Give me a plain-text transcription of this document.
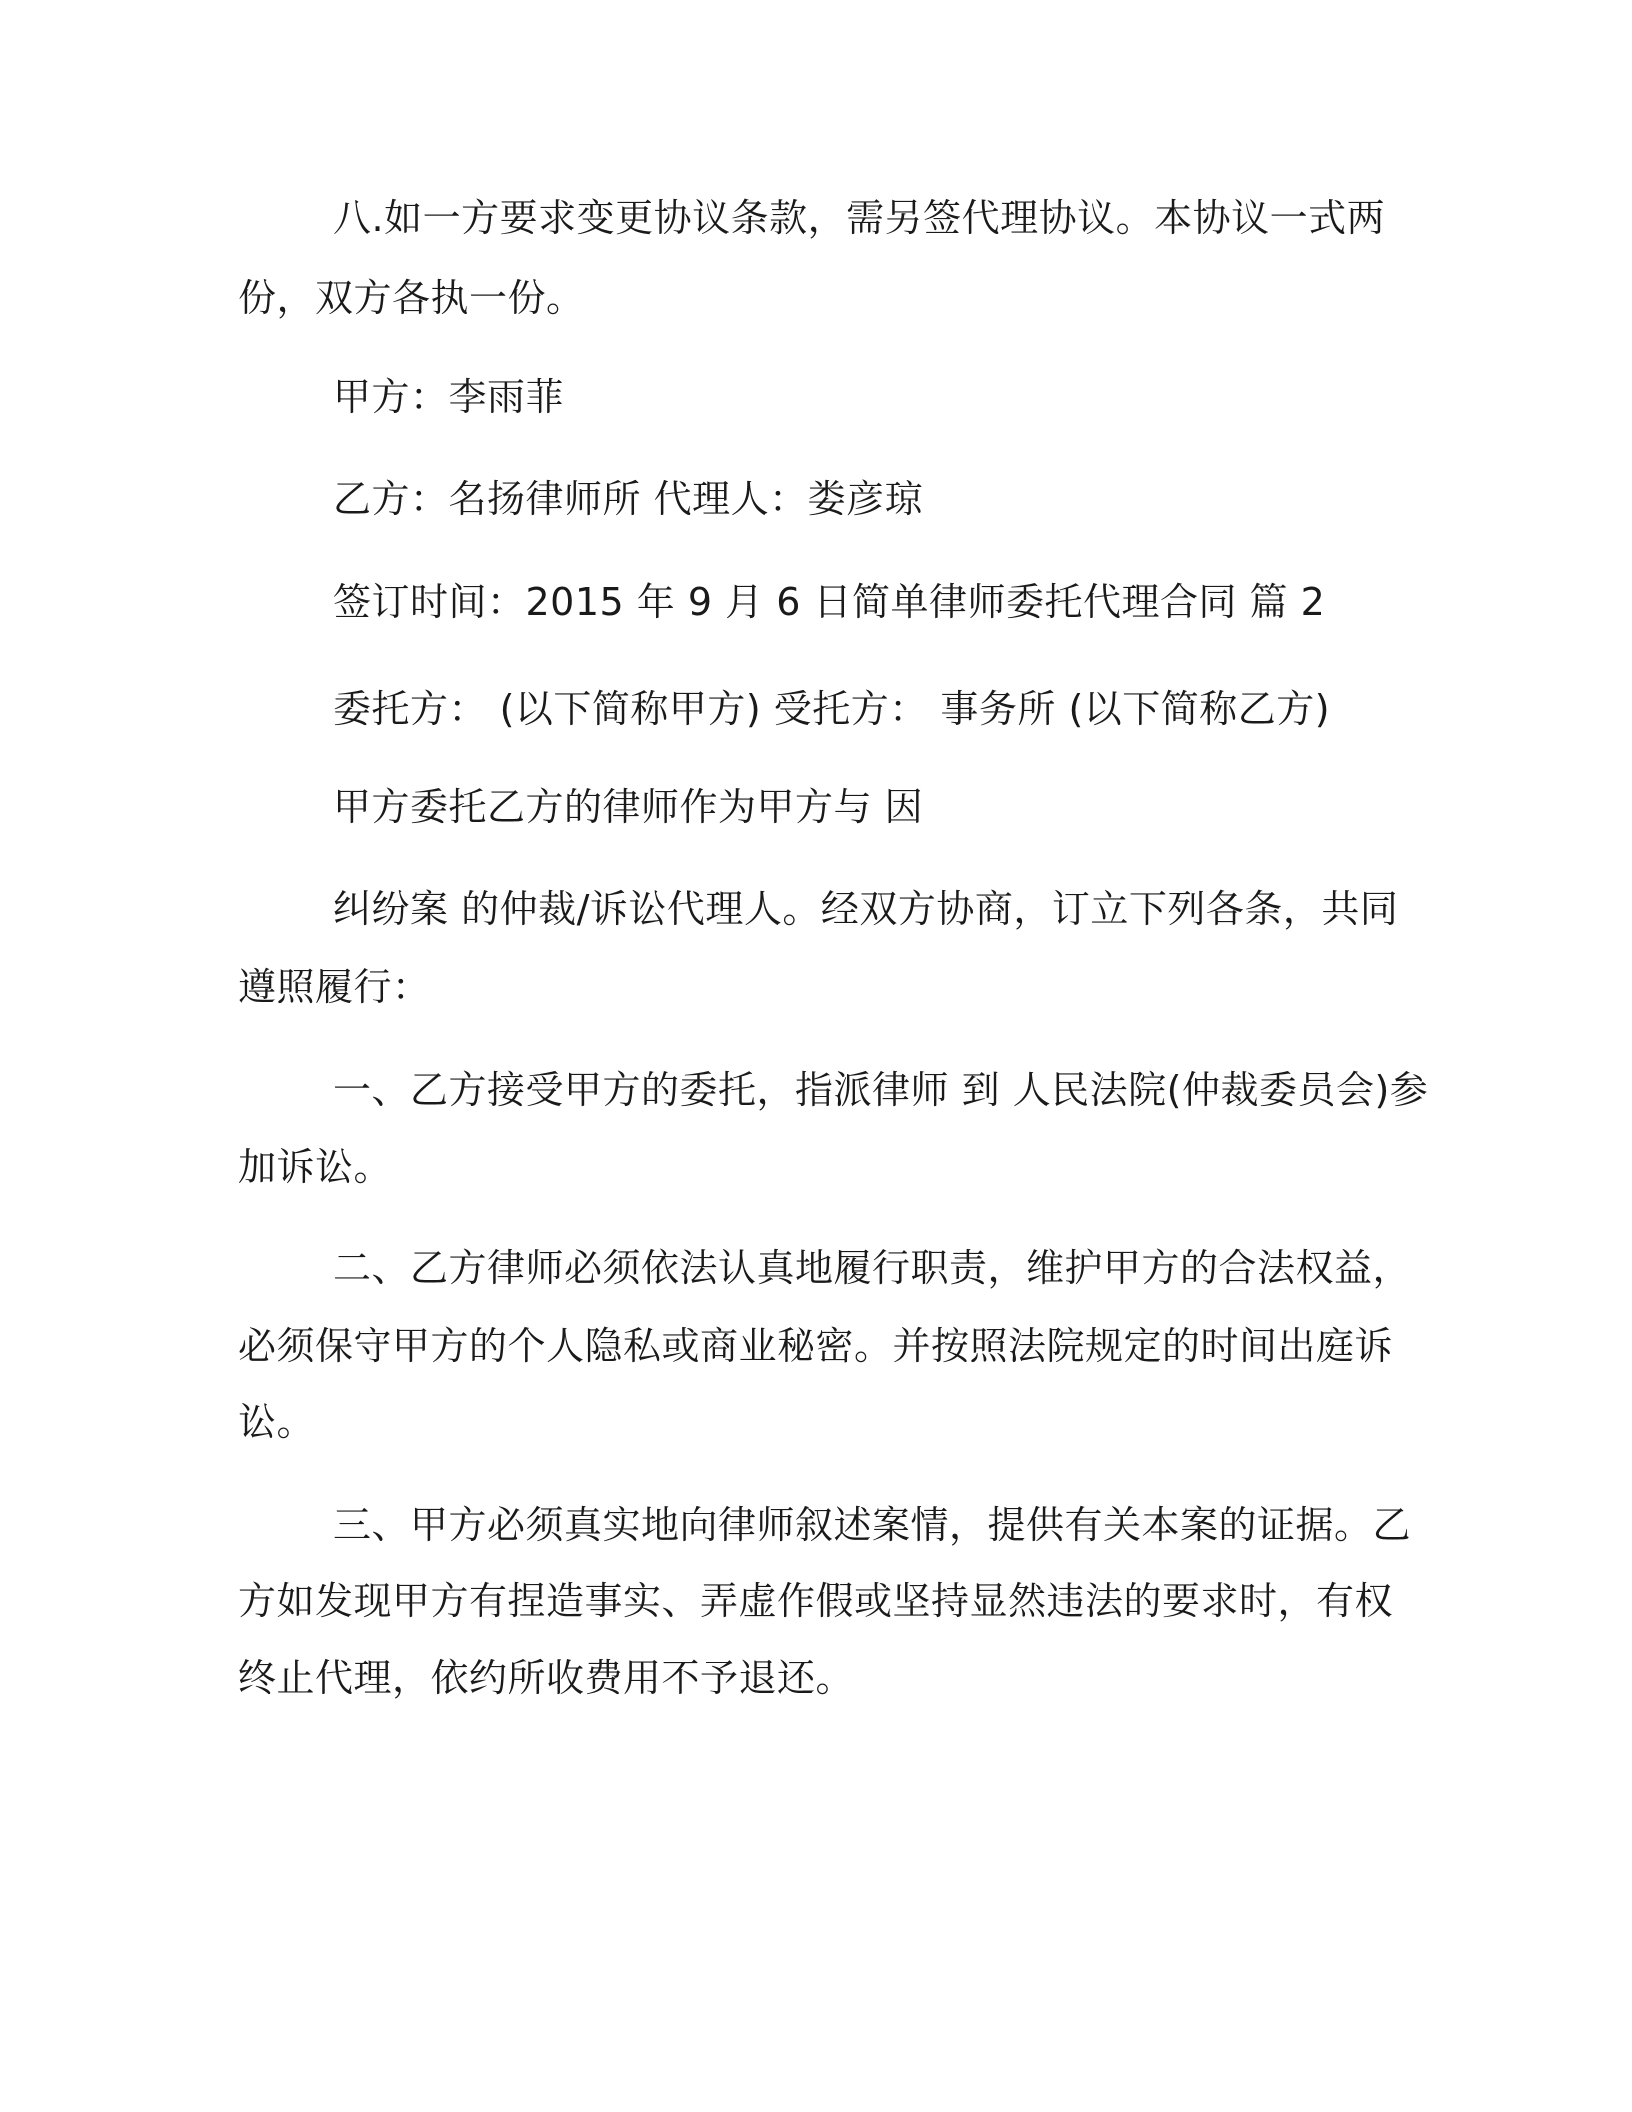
八.如一方要求变更协议条款，需另签代理协议。本协议一式两
份，双方各执一份。
甲方：李雨菲
乙方：名扬律师所 代理人：娄彦琼
签订时间：2015 年 9 月 6 日简单律师委托代理合同 篇 2
委托方： (以下简称甲方) 受托方： 事务所 (以下简称乙方)
甲方委托乙方的律师作为甲方与 因
纠纷案 的仲裁/诉讼代理人。经双方协商，订立下列各条，共同
遵照履行：
一、乙方接受甲方的委托，指派律师 到 人民法院(仲裁委员会)参
加诉讼。
二、乙方律师必须依法认真地履行职责，维护甲方的合法权益，
必须保守甲方的个人隐私或商业秘密。并按照法院规定的时间出庭诉
讼。
三、甲方必须真实地向律师叙述案情，提供有关本案的证据。乙
方如发现甲方有捏造事实、弄虚作假或坚持显然违法的要求时，有权
终止代理，依约所收费用不予退还。
